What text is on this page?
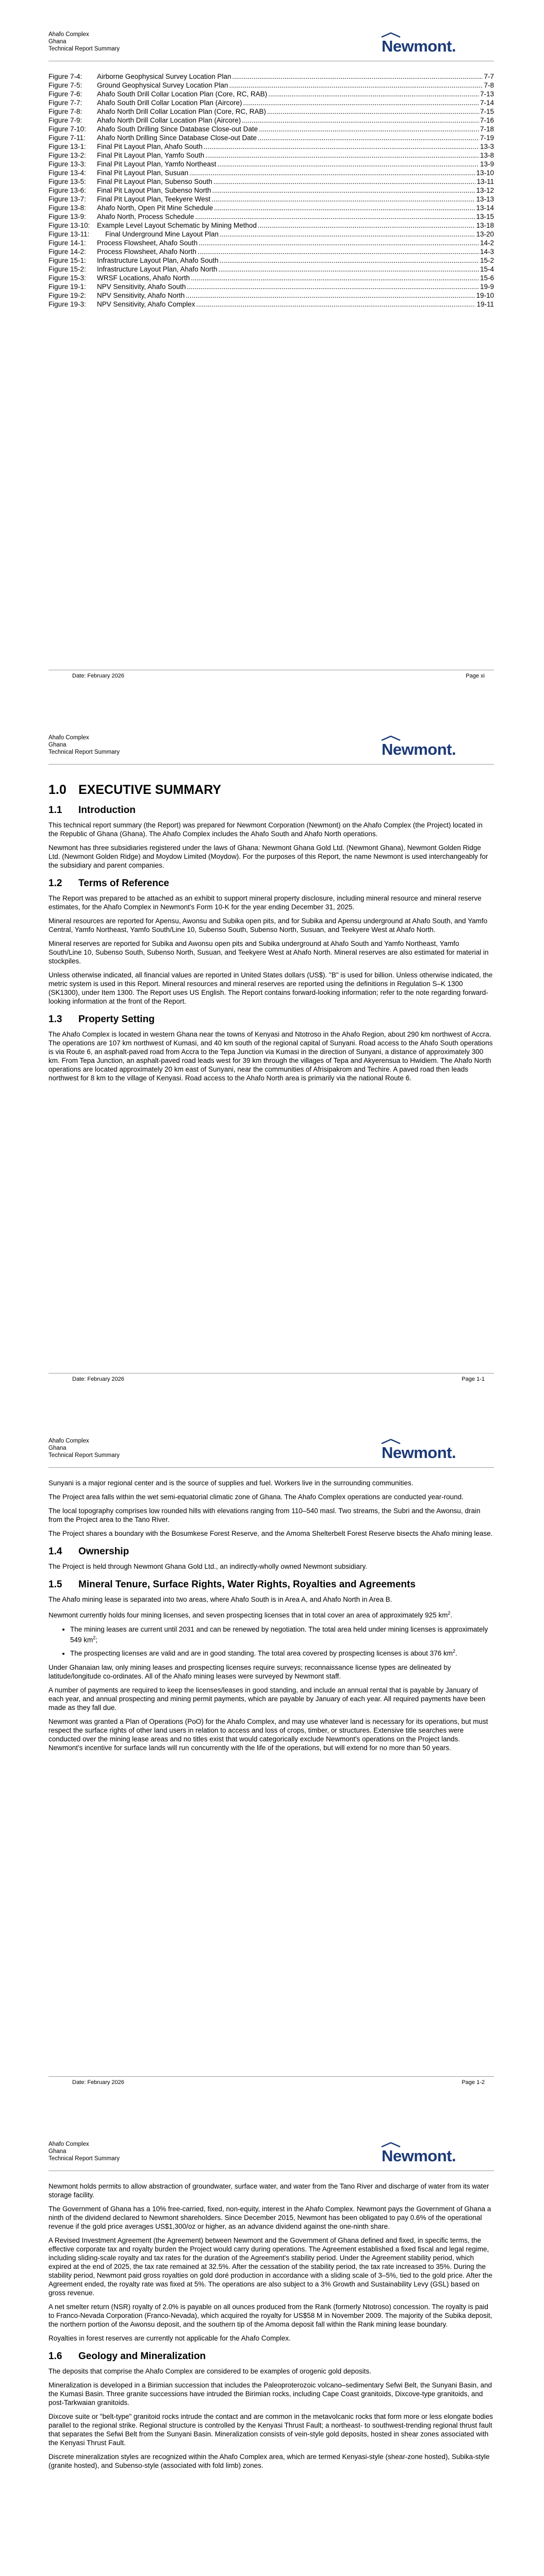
Ahafo Complex
Ghana
Technical Report Summary	Newmont.
Figure 7-4:	Airborne Geophysical Survey Location Plan .....	7-7
Figure 7-5:	Ground Geophysical Survey Location Plan .....	7-8
Figure 7-6:	Ahafo South Drill Collar Location Plan (Core, RC, RAB) .....	7-13
Figure 7-7:	Ahafo South Drill Collar Location Plan (Aircore) .....	7-14
Figure 7-8:	Ahafo North Drill Collar Location Plan (Core, RC, RAB) .....	7-15
Figure 7-9:	Ahafo North Drill Collar Location Plan (Aircore) .....	7-16
Figure 7-10:	Ahafo South Drilling Since Database Close-out Date .....	7-18
Figure 7-11:	Ahafo North Drilling Since Database Close-out Date .....	7-19
Figure 13-1:	Final Pit Layout Plan, Ahafo South .....	13-3
Figure 13-2:	Final Pit Layout Plan, Yamfo South .....	13-8
Figure 13-3:	Final Pit Layout Plan, Yamfo Northeast .....	13-9
Figure 13-4:	Final Pit Layout Plan, Susuan .....	13-10
Figure 13-5:	Final Pit Layout Plan, Subenso South .....	13-11
Figure 13-6:	Final Pit Layout Plan, Subenso North .....	13-12
Figure 13-7:	Final Pit Layout Plan, Teekyere West .....	13-13
Figure 13-8:	Ahafo North, Open Pit Mine Schedule .....	13-14
Figure 13-9:	Ahafo North, Process Schedule .....	13-15
Figure 13-10:	Example Level Layout Schematic by Mining Method .....	13-18
Figure 13-11:	Final Underground Mine Layout Plan .....	13-20
Figure 14-1:	Process Flowsheet, Ahafo South .....	14-2
Figure 14-2:	Process Flowsheet, Ahafo North .....	14-3
Figure 15-1:	Infrastructure Layout Plan, Ahafo South .....	15-2
Figure 15-2:	Infrastructure Layout Plan, Ahafo North .....	15-4
Figure 15-3:	WRSF Locations, Ahafo North .....	15-6
Figure 19-1:	NPV Sensitivity, Ahafo South .....	19-9
Figure 19-2:	NPV Sensitivity, Ahafo North .....	19-10
Figure 19-3:	NPV Sensitivity, Ahafo Complex .....	19-11
Date: February 2026	Page xi
Ahafo Complex
Ghana
Technical Report Summary	Newmont.
1.0 EXECUTIVE SUMMARY
1.1	Introduction

This technical report summary (the Report) was prepared for Newmont Corporation (Newmont) on the Ahafo Complex (the Project) located in the Republic of Ghana (Ghana). The Ahafo Complex includes the Ahafo South and Ahafo North operations.

Newmont has three subsidiaries registered under the laws of Ghana: Newmont Ghana Gold Ltd. (Newmont Ghana), Newmont Golden Ridge Ltd. (Newmont Golden Ridge) and Moydow Limited (Moydow). For the purposes of this Report, the name Newmont is used interchangeably for the subsidiary and parent companies.

1.2	Terms of Reference

The Report was prepared to be attached as an exhibit to support mineral property disclosure, including mineral resource and mineral reserve estimates, for the Ahafo Complex in Newmont's Form 10-K for the year ending December 31, 2025.

Mineral resources are reported for Apensu, Awonsu and Subika open pits, and for Subika and Apensu underground at Ahafo South, and Yamfo Central, Yamfo Northeast, Yamfo South/Line 10, Subenso South, Subenso North, Susuan, and Teekyere West at Ahafo North.

Mineral reserves are reported for Subika and Awonsu open pits and Subika underground at Ahafo South and Yamfo Northeast, Yamfo South/Line 10, Subenso South, Subenso North, Susuan, and Teekyere West at Ahafo North. Mineral reserves are also estimated for material in stockpiles.

Unless otherwise indicated, all financial values are reported in United States dollars (US$). "B" is used for billion. Unless otherwise indicated, the metric system is used in this Report. Mineral resources and mineral reserves are reported using the definitions in Regulation S–K 1300 (SK1300), under Item 1300. The Report uses US English. The Report contains forward-looking information; refer to the note regarding forward-looking information at the front of the Report.

1.3	Property Setting

The Ahafo Complex is located in western Ghana near the towns of Kenyasi and Ntotroso in the Ahafo Region, about 290 km northwest of Accra. The operations are 107 km northwest of Kumasi, and 40 km south of the regional capital of Sunyani. Road access to the Ahafo South operations is via Route 6, an asphalt-paved road from Accra to the Tepa Junction via Kumasi in the direction of Sunyani, a distance of approximately 300 km. From Tepa Junction, an asphalt-paved road leads west for 39 km through the villages of Tepa and Akyerensua to Hwidiem. The Ahafo North operations are located approximately 20 km east of Sunyani, near the communities of Afrisipakrom and Techire. A paved road then leads northwest for 8 km to the village of Kenyasi. Road access to the Ahafo North area is primarily via the national Route 6.

Date: February 2026	Page 1-1
Ahafo Complex
Ghana
Technical Report Summary	Newmont.

Sunyani is a major regional center and is the source of supplies and fuel. Workers live in the surrounding communities.

The Project area falls within the wet semi-equatorial climatic zone of Ghana. The Ahafo Complex operations are conducted year-round.

The local topography comprises low rounded hills with elevations ranging from 110–540 masl. Two streams, the Subri and the Awonsu, drain from the Project area to the Tano River.

The Project shares a boundary with the Bosumkese Forest Reserve, and the Amoma Shelterbelt Forest Reserve bisects the Ahafo mining lease.

1.4	Ownership

The Project is held through Newmont Ghana Gold Ltd., an indirectly-wholly owned Newmont subsidiary.

1.5	Mineral Tenure, Surface Rights, Water Rights, Royalties and Agreements

The Ahafo mining lease is separated into two areas, where Ahafo South is in Area A, and Ahafo North in Area B.

Newmont currently holds four mining licenses, and seven prospecting licenses that in total cover an area of approximately 925 $km^2$.

• The mining leases are current until 2031 and can be renewed by negotiation. The total area held under mining licenses is approximately 549 $km^2$;
• The prospecting licenses are valid and are in good standing. The total area covered by prospecting licenses is about 376 $km^2$.

Under Ghanaian law, only mining leases and prospecting licenses require surveys; reconnaissance license types are delineated by latitude/longitude co-ordinates. All of the Ahafo mining leases were surveyed by Newmont staff.

A number of payments are required to keep the licenses/leases in good standing, and include an annual rental that is payable by January of each year, and annual prospecting and mining permit payments, which are payable by January of each year. All required payments have been made as they fall due.

Newmont was granted a Plan of Operations (PoO) for the Ahafo Complex, and may use whatever land is necessary for its operations, but must respect the surface rights of other land users in relation to access and loss of crops, timber, or structures. Extensive title searches were conducted over the mining lease areas and no titles exist that would categorically exclude Newmont's operations on the Project lands. Newmont's incentive for surface lands will run concurrently with the life of the operations, but will extend for no more than 50 years.

Date: February 2026	Page 1-2
Ahafo Complex
Ghana
Technical Report Summary	Newmont.

Newmont holds permits to allow abstraction of groundwater, surface water, and water from the Tano River and discharge of water from its water storage facility.

The Government of Ghana has a 10% free-carried, fixed, non-equity, interest in the Ahafo Complex. Newmont pays the Government of Ghana a ninth of the dividend declared to Newmont shareholders. Since December 2015, Newmont has been obligated to pay 0.6% of the operational revenue if the gold price averages US$1,300/oz or higher, as an advance dividend against the one-ninth share.

A Revised Investment Agreement (the Agreement) between Newmont and the Government of Ghana defined and fixed, in specific terms, the effective corporate tax and royalty burden the Project would carry during operations. The Agreement established a fixed fiscal and legal regime, including sliding-scale royalty and tax rates for the duration of the Agreement's stability period. Under the Agreement stability period, which expired at the end of 2025, the tax rate remained at 32.5%. After the cessation of the stability period, the tax rate increased to 35%. During the stability period, Newmont paid gross royalties on gold doré production in accordance with a sliding scale of 3–5%, tied to the gold price. After the Agreement ended, the royalty rate was fixed at 5%. The operations are also subject to a 3% Growth and Sustainability Levy (GSL) based on gross revenue.

A net smelter return (NSR) royalty of 2.0% is payable on all ounces produced from the Rank (formerly Ntotroso) concession. The royalty is paid to Franco-Nevada Corporation (Franco-Nevada), which acquired the royalty for US$58 M in November 2009. The majority of the Subika deposit, the northern portion of the Awonsu deposit, and the southern tip of the Amoma deposit fall within the Rank mining lease boundary.

Royalties in forest reserves are currently not applicable for the Ahafo Complex.

1.6	Geology and Mineralization

The deposits that comprise the Ahafo Complex are considered to be examples of orogenic gold deposits.

Mineralization is developed in a Birimian succession that includes the Paleoproterozoic volcano–sedimentary Sefwi Belt, the Sunyani Basin, and the Kumasi Basin. Three granite successions have intruded the Birimian rocks, including Cape Coast granitoids, Dixcove-type granitoids, and post-Tarkwaian granitoids.

Dixcove suite or "belt-type" granitoid rocks intrude the contact and are common in the metavolcanic rocks that form more or less elongate bodies parallel to the regional strike. Regional structure is controlled by the Kenyasi Thrust Fault; a northeast- to southwest-trending regional thrust fault that separates the Sefwi Belt from the Sunyani Basin. Mineralization consists of vein-style gold deposits, hosted in shear zones associated with the Kenyasi Thrust Fault.

Discrete mineralization styles are recognized within the Ahafo Complex area, which are termed Kenyasi-style (shear-zone hosted), Subika-style (granite hosted), and Subenso-style (associated with fold limb) zones.
